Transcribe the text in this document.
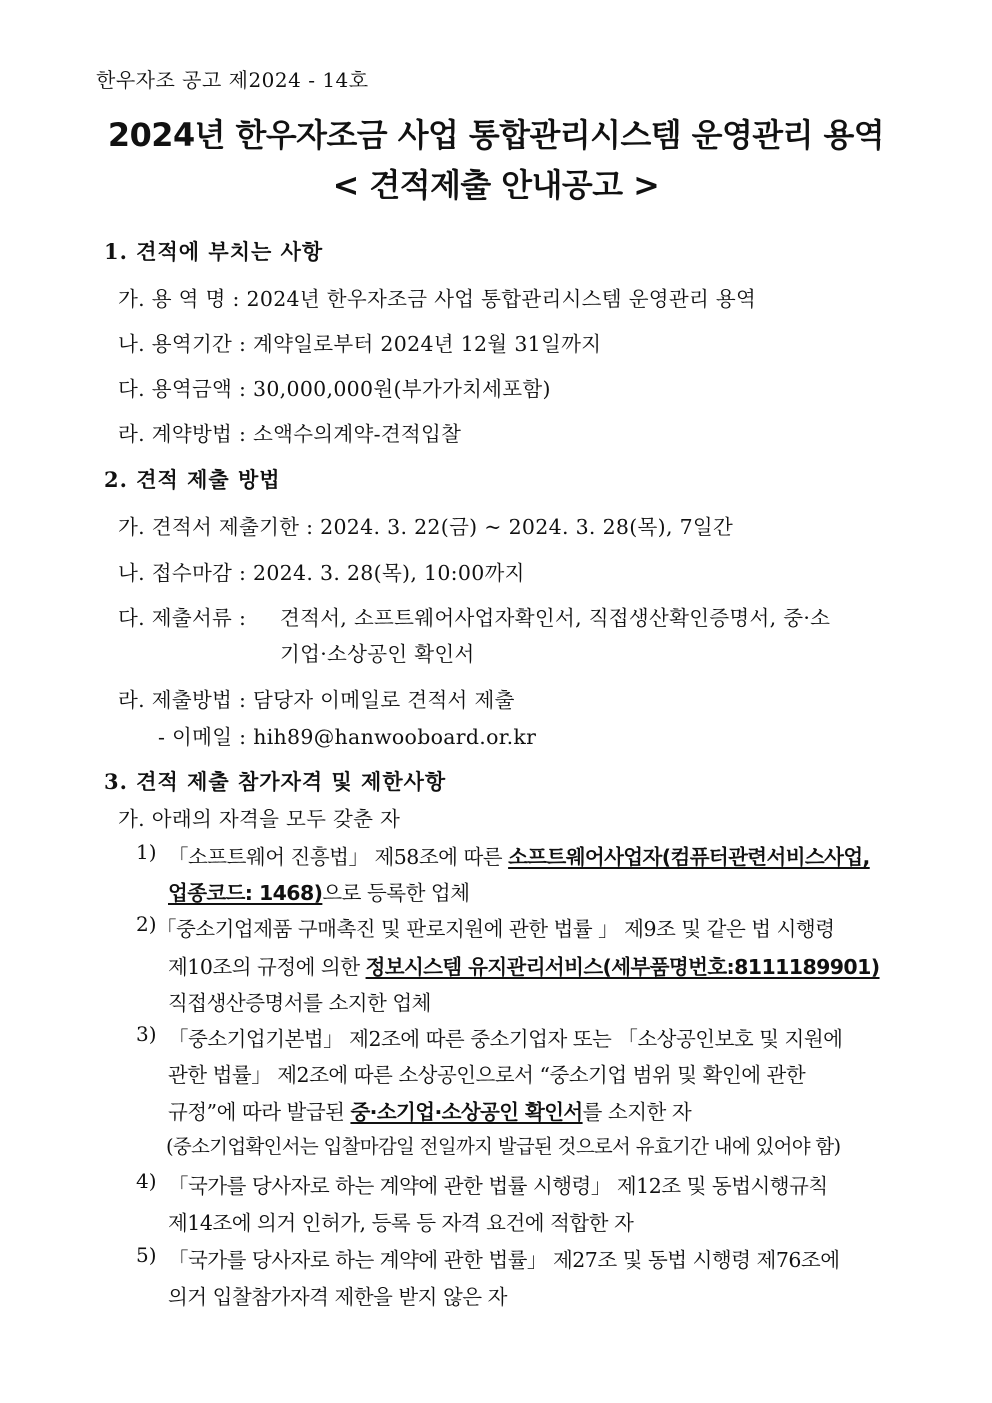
한우자조 공고 제2024 - 14호
2024년 한우자조금 사업 통합관리시스템 운영관리 용역
< 견적제출 안내공고 >
1. 견적에 부치는 사항
가. 용 역 명 : 2024년 한우자조금 사업 통합관리시스템 운영관리 용역
나. 용역기간 : 계약일로부터 2024년 12월 31일까지
다. 용역금액 : 30,000,000원(부가가치세포함)
라. 계약방법 : 소액수의계약-견적입찰
2. 견적 제출 방법
가. 견적서 제출기한 : 2024. 3. 22(금) ~ 2024. 3. 28(목), 7일간
나. 접수마감 : 2024. 3. 28(목), 10:00까지
다. 제출서류 : 견적서, 소프트웨어사업자확인서, 직접생산확인증명서, 중·소
기업·소상공인 확인서
라. 제출방법 : 담당자 이메일로 견적서 제출
- 이메일 : hih89@hanwooboard.or.kr
3. 견적 제출 참가자격 및 제한사항
가. 아래의 자격을 모두 갖춘 자
1) 「소프트웨어 진흥법」 제58조에 따른 소프트웨어사업자(컴퓨터관련서비스사업,
업종코드: 1468)으로 등록한 업체
2) 「중소기업제품 구매촉진 및 판로지원에 관한 법률 」 제9조 및 같은 법 시행령
제10조의 규정에 의한 정보시스템 유지관리서비스(세부품명번호:8111189901)
직접생산증명서를 소지한 업체
3) 「중소기업기본법」 제2조에 따른 중소기업자 또는 「소상공인보호 및 지원에
관한 법률」 제2조에 따른 소상공인으로서 “중소기업 범위 및 확인에 관한
규정”에 따라 발급된 중·소기업·소상공인 확인서를 소지한 자
(중소기업확인서는 입찰마감일 전일까지 발급된 것으로서 유효기간 내에 있어야 함)
4) 「국가를 당사자로 하는 계약에 관한 법률 시행령」 제12조 및 동법시행규칙
제14조에 의거 인허가, 등록 등 자격 요건에 적합한 자
5) 「국가를 당사자로 하는 계약에 관한 법률」 제27조 및 동법 시행령 제76조에
의거 입찰참가자격 제한을 받지 않은 자
